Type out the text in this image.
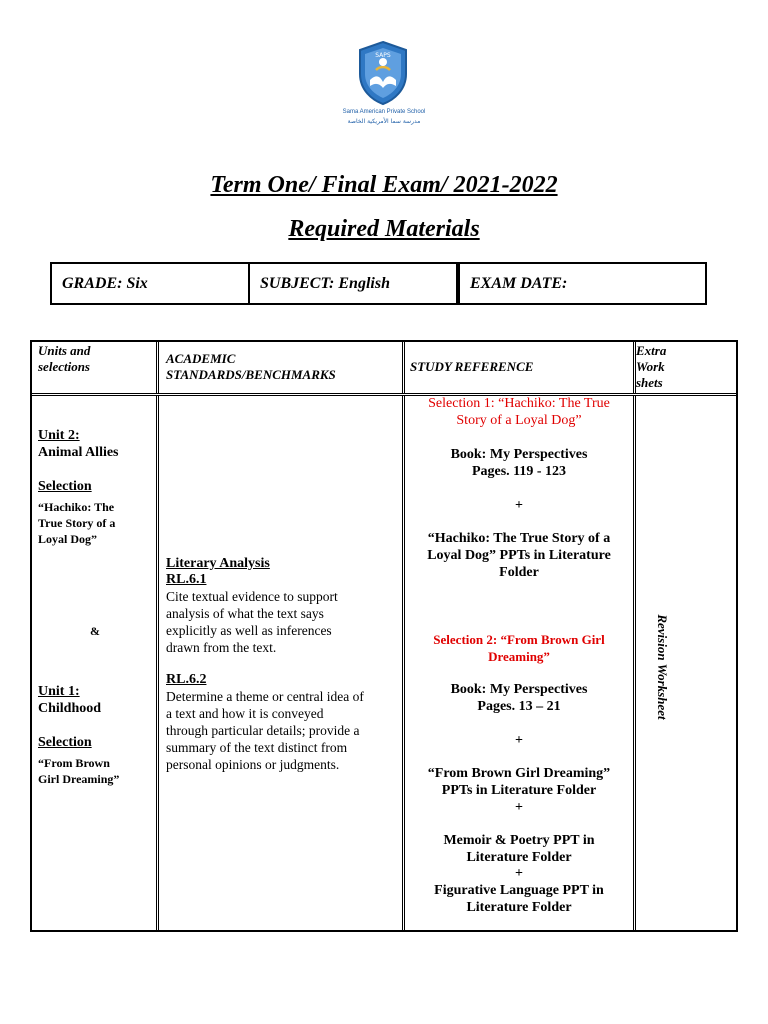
SAPS
Sama American Private School
مدرسة سما الأمريكية الخاصة
Term One/ Final Exam/ 2021-2022
Required Materials
GRADE: Six	SUBJECT: English	EXAM DATE:
Units and
selections
ACADEMIC
STANDARDS/BENCHMARKS
STUDY REFERENCE
Extra
Work
shets
Unit 2:
Animal Allies
Selection
“Hachiko: The
True Story of a
Loyal Dog”
&
Unit 1:
Childhood
Selection
“From Brown
Girl Dreaming”
Literary Analysis
RL.6.1
Cite textual evidence to support
analysis of what the text says
explicitly as well as inferences
drawn from the text.
RL.6.2
Determine a theme or central idea of
a text and how it is conveyed
through particular details; provide a
summary of the text distinct from
personal opinions or judgments.
Selection 1: “Hachiko: The True
Story of a Loyal Dog”
Book: My Perspectives
Pages. 119 - 123
+
“Hachiko: The True Story of a
Loyal Dog” PPTs in Literature
Folder
Selection 2: “From Brown Girl
Dreaming”
Book: My Perspectives
Pages. 13 – 21
+
“From Brown Girl Dreaming”
PPTs in Literature Folder
+
Memoir & Poetry PPT in
Literature Folder
+
Figurative Language PPT in
Literature Folder
Revision Worksheet
